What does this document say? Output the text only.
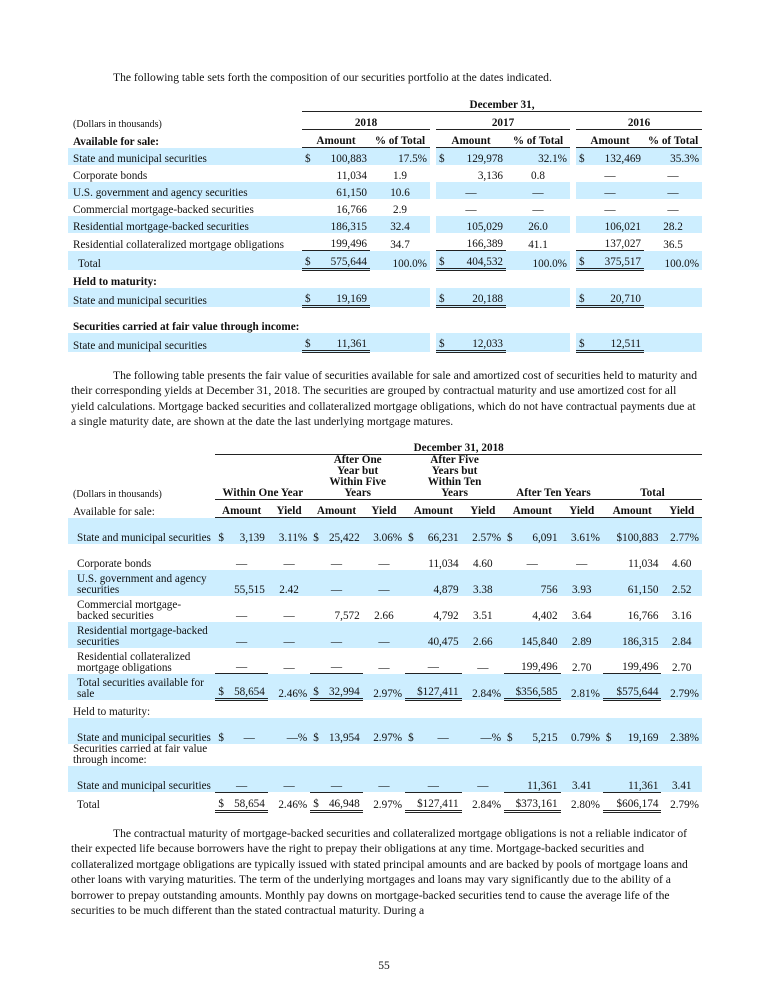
The following table sets forth the composition of our securities portfolio at the dates indicated.
	December 31,							
(Dollars in thousands)	2018			2017			2016	
Available for sale:	Amount	% of Total		Amount	% of Total		Amount	% of Total
State and municipal securities	$ 100,883	17.5%		$ 129,978	32.1%		$ 132,469	35.3%
Corporate bonds	11,034	1.9		3,136	0.8		—	—
U.S. government and agency securities	61,150	10.6		—	—		—	—
Commercial mortgage-backed securities	16,766	2.9		—	—		—	—
Residential mortgage-backed securities	186,315	32.4		105,029	26.0		106,021	28.2
Residential collateralized mortgage obligations	199,496	34.7		166,389	41.1		137,027	36.5
Total	$ 575,644	100.0%		$ 404,532	100.0%		$ 375,517	100.0%
Held to maturity:								
State and municipal securities	$ 19,169			$ 20,188			$ 20,710	

Securities carried at fair value through income:								
State and municipal securities	$ 11,361			$ 12,033			$ 12,511	

The following table presents the fair value of securities available for sale and amortized cost of securities held to maturity and their corresponding yields at December 31, 2018. The securities are grouped by contractual maturity and use amortized cost for all yield calculations. Mortgage backed securities and collateralized mortgage obligations, which do not have contractual payments due at a single maturity date, are shown at the date the last underlying mortgage matures.
	December 31, 2018									
(Dollars in thousands)	Within One Year		After One Year but Within Five Years		After Five Years but Within Ten Years		After Ten Years		Total	
Available for sale:	Amount	Yield	Amount	Yield	Amount	Yield	Amount	Yield	Amount	Yield
State and municipal securities	$ 3,139	3.11%	$ 25,422	3.06%	$ 66,231	2.57%	$ 6,091	3.61%	$100,883	2.77%
Corporate bonds	—	—	—	—	11,034	4.60	—	—	11,034	4.60
U.S. government and agency securities	55,515	2.42	—	—	4,879	3.38	756	3.93	61,150	2.52
Commercial mortgage-backed securities	—	—	7,572	2.66	4,792	3.51	4,402	3.64	16,766	3.16
Residential mortgage-backed securities	—	—	—	—	40,475	2.66	145,840	2.89	186,315	2.84
Residential collateralized mortgage obligations	—	—	—	—	—	—	199,496	2.70	199,496	2.70
Total securities available for sale	$ 58,654	2.46%	$ 32,994	2.97%	$127,411	2.84%	$356,585	2.81%	$575,644	2.79%
Held to maturity:										
State and municipal securities	$ —	—%	$ 13,954	2.97%	$ —	—%	$ 5,215	0.79%	$ 19,169	2.38%
Securities carried at fair value through income:										
State and municipal securities	—	—	—	—	—	—	11,361	3.41	11,361	3.41
Total	$ 58,654	2.46%	$ 46,948	2.97%	$127,411	2.84%	$373,161	2.80%	$606,174	2.79%
The contractual maturity of mortgage-backed securities and collateralized mortgage obligations is not a reliable indicator of their expected life because borrowers have the right to prepay their obligations at any time. Mortgage-backed securities and collateralized mortgage obligations are typically issued with stated principal amounts and are backed by pools of mortgage loans and other loans with varying maturities. The term of the underlying mortgages and loans may vary significantly due to the ability of a borrower to prepay outstanding amounts. Monthly pay downs on mortgage-backed securities tend to cause the average life of the securities to be much different than the stated contractual maturity. During a
55
